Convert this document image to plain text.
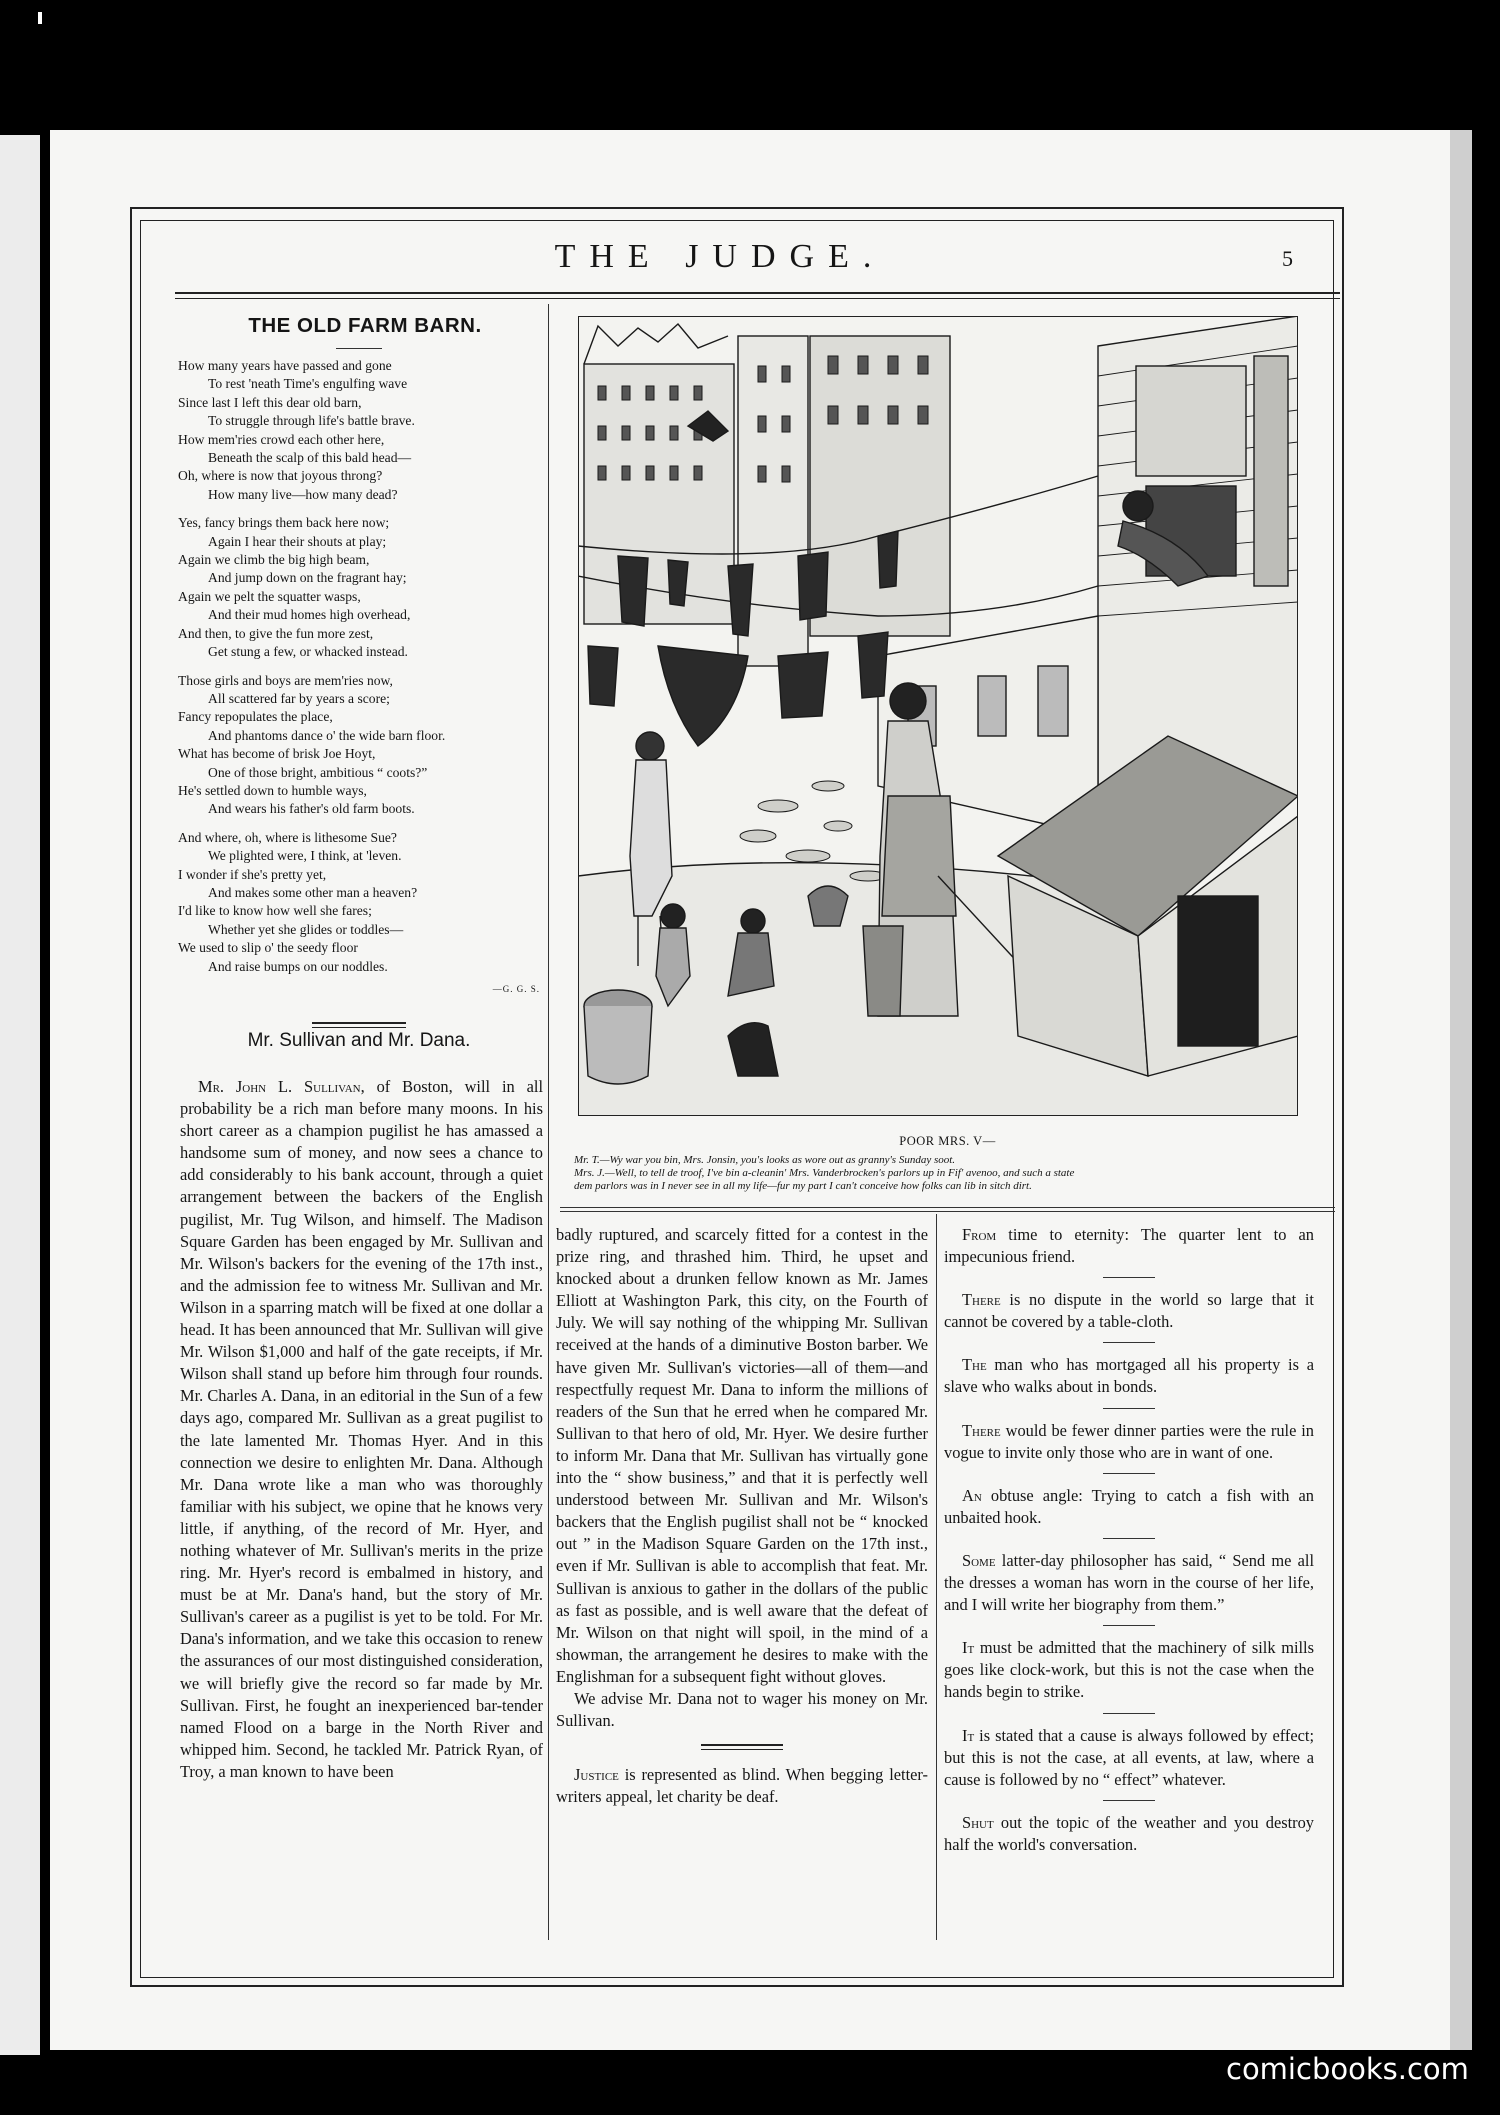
THE JUDGE.	5
THE OLD FARM BARN.
How many years have passed and gone
To rest 'neath Time's engulfing wave
Since last I left this dear old barn,
To struggle through life's battle brave.
How mem'ries crowd each other here,
Beneath the scalp of this bald head—
Oh, where is now that joyous throng?
How many live—how many dead?
Yes, fancy brings them back here now;
Again I hear their shouts at play;
Again we climb the big high beam,
And jump down on the fragrant hay;
Again we pelt the squatter wasps,
And their mud homes high overhead,
And then, to give the fun more zest,
Get stung a few, or whacked instead.
Those girls and boys are mem'ries now,
All scattered far by years a score;
Fancy repopulates the place,
And phantoms dance o' the wide barn floor.
What has become of brisk Joe Hoyt,
One of those bright, ambitious “ coots?”
He's settled down to humble ways,
And wears his father's old farm boots.
And where, oh, where is lithesome Sue?
We plighted were, I think, at 'leven.
I wonder if she's pretty yet,
And makes some other man a heaven?
I'd like to know how well she fares;
Whether yet she glides or toddles—
We used to slip o' the seedy floor
And raise bumps on our noddles.
—G. G. S.
Mr. Sullivan and Mr. Dana.

Mr. John L. Sullivan, of Boston, will in all probability be a rich man before many moons. In his short career as a champion pugilist he has amassed a handsome sum of money, and now sees a chance to add considerably to his bank account, through a quiet arrangement between the backers of the English pugilist, Mr. Tug Wilson, and himself. The Madison Square Garden has been engaged by Mr. Sullivan and Mr. Wilson's backers for the evening of the 17th inst., and the admission fee to witness Mr. Sullivan and Mr. Wilson in a sparring match will be fixed at one dollar a head. It has been announced that Mr. Sullivan will give Mr. Wilson $1,000 and half of the gate receipts, if Mr. Wilson shall stand up before him through four rounds. Mr. Charles A. Dana, in an editorial in the Sun of a few days ago, compared Mr. Sullivan as a great pugilist to the late lamented Mr. Thomas Hyer. And in this connection we desire to enlighten Mr. Dana. Although Mr. Dana wrote like a man who was thoroughly familiar with his subject, we opine that he knows very little, if anything, of the record of Mr. Hyer, and nothing whatever of Mr. Sullivan's merits in the prize ring. Mr. Hyer's record is embalmed in history, and must be at Mr. Dana's hand, but the story of Mr. Sullivan's career as a pugilist is yet to be told. For Mr. Dana's information, and we take this occasion to renew the assurances of our most distinguished consideration, we will briefly give the record so far made by Mr. Sullivan. First, he fought an inexperienced bar-tender named Flood on a barge in the North River and whipped him. Second, he tackled Mr. Patrick Ryan, of Troy, a man known to have been

badly ruptured, and scarcely fitted for a contest in the prize ring, and thrashed him. Third, he upset and knocked about a drunken fellow known as Mr. James Elliott at Washington Park, this city, on the Fourth of July. We will say nothing of the whipping Mr. Sullivan received at the hands of a diminutive Boston barber. We have given Mr. Sullivan's victories—all of them—and respectfully request Mr. Dana to inform the millions of readers of the Sun that he erred when he compared Mr. Sullivan to that hero of old, Mr. Hyer. We desire further to inform Mr. Dana that Mr. Sullivan has virtually gone into the “ show business,” and that it is perfectly well understood between Mr. Sullivan and Mr. Wilson's backers that the English pugilist shall not be “ knocked out ” in the Madison Square Garden on the 17th inst., even if Mr. Sullivan is able to accomplish that feat. Mr. Sullivan is anxious to gather in the dollars of the public as fast as possible, and is well aware that the defeat of Mr. Wilson on that night will spoil, in the mind of a showman, the arrangement he desires to make with the Englishman for a subsequent fight without gloves.

We advise Mr. Dana not to wager his money on Mr. Sullivan.

Justice is represented as blind. When begging letter-writers appeal, let charity be deaf.

From time to eternity: The quarter lent to an impecunious friend.

There is no dispute in the world so large that it cannot be covered by a table-cloth.

The man who has mortgaged all his property is a slave who walks about in bonds.

There would be fewer dinner parties were the rule in vogue to invite only those who are in want of one.

An obtuse angle: Trying to catch a fish with an unbaited hook.

Some latter-day philosopher has said, “ Send me all the dresses a woman has worn in the course of her life, and I will write her biography from them.”

It must be admitted that the machinery of silk mills goes like clock-work, but this is not the case when the hands begin to strike.

It is stated that a cause is always followed by effect; but this is not the case, at all events, at law, where a cause is followed by no “ effect” whatever.

Shut out the topic of the weather and you destroy half the world's conversation.

POOR MRS. V—
Mr. T.—Wy war you bin, Mrs. Jonsin, you's looks as wore out as granny's Sunday soot.
Mrs. J.—Well, to tell de troof, I've bin a-cleanin' Mrs. Vanderbrocken's parlors up in Fif' avenoo, and such a state
dem parlors was in I never see in all my life—fur my part I can't conceive how folks can lib in sitch dirt.
comicbooks.com
